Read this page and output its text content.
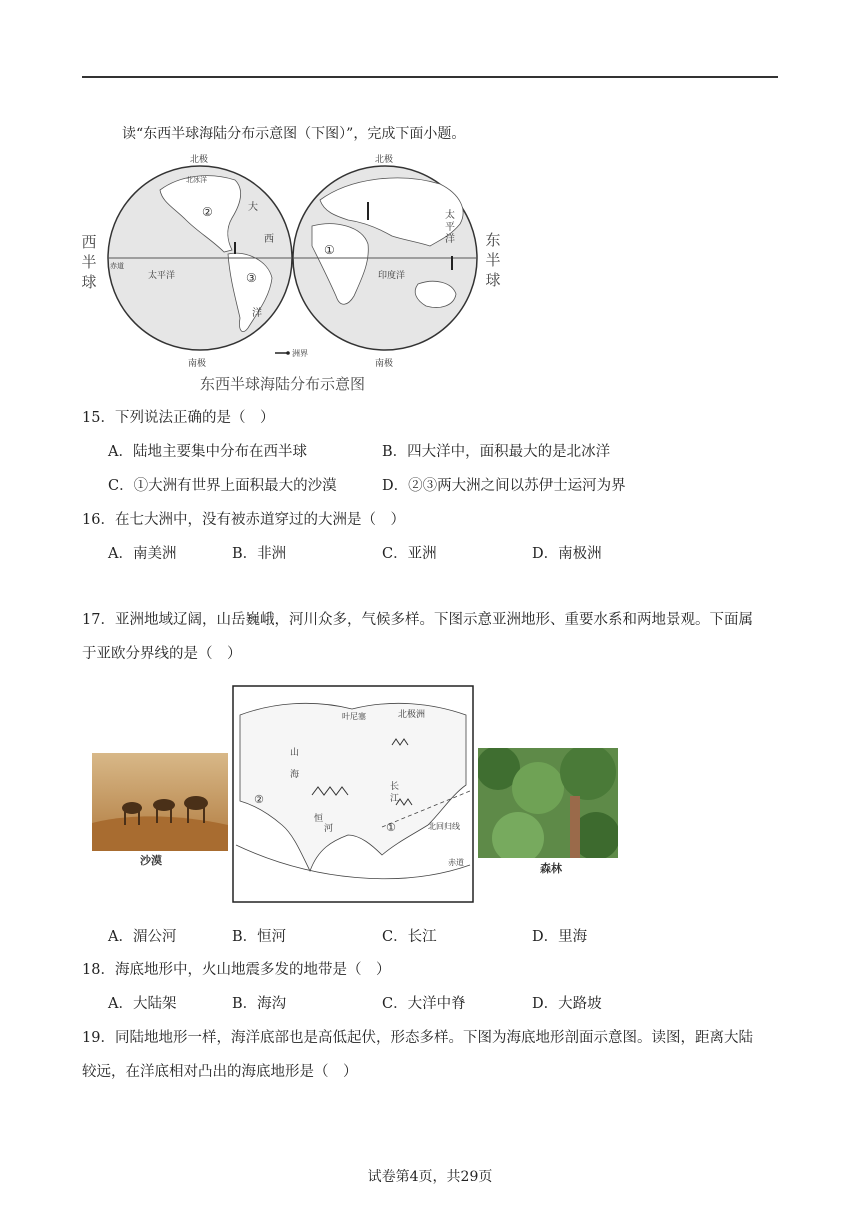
读“东西半球海陆分布示意图（下图）”，完成下面小题。
西
半
球
东
半
球
北极
南极
北冰洋
赤道
太平洋
大
西
洋
②
③
北极
南极
印度洋
①
太
平
洋
洲界
东西半球海陆分布示意图
15．下列说法正确的是（　）
A．陆地主要集中分布在西半球	B．四大洋中，面积最大的是北冰洋
C．①大洲有世界上面积最大的沙漠	D．②③两大洲之间以苏伊士运河为界
16．在七大洲中，没有被赤道穿过的大洲是（　）
A．南美洲	B．非洲	C．亚洲	D．南极洲
17．亚洲地域辽阔，山岳巍峨，河川众多，气候多样。下图示意亚洲地形、重要水系和两地景观。下面属
于亚欧分界线的是（　）
沙漠
北极洲
叶尼塞
山
海
②
①
恒
河
长
江
北回归线
赤道	森林
A．湄公河	B．恒河	C．长江	D．里海
18．海底地形中，火山地震多发的地带是（　）
A．大陆架	B．海沟	C．大洋中脊	D．大路坡
19．同陆地地形一样，海洋底部也是高低起伏，形态多样。下图为海底地形剖面示意图。读图，距离大陆
较远，在洋底相对凸出的海底地形是（　）
试卷第4页，共29页
